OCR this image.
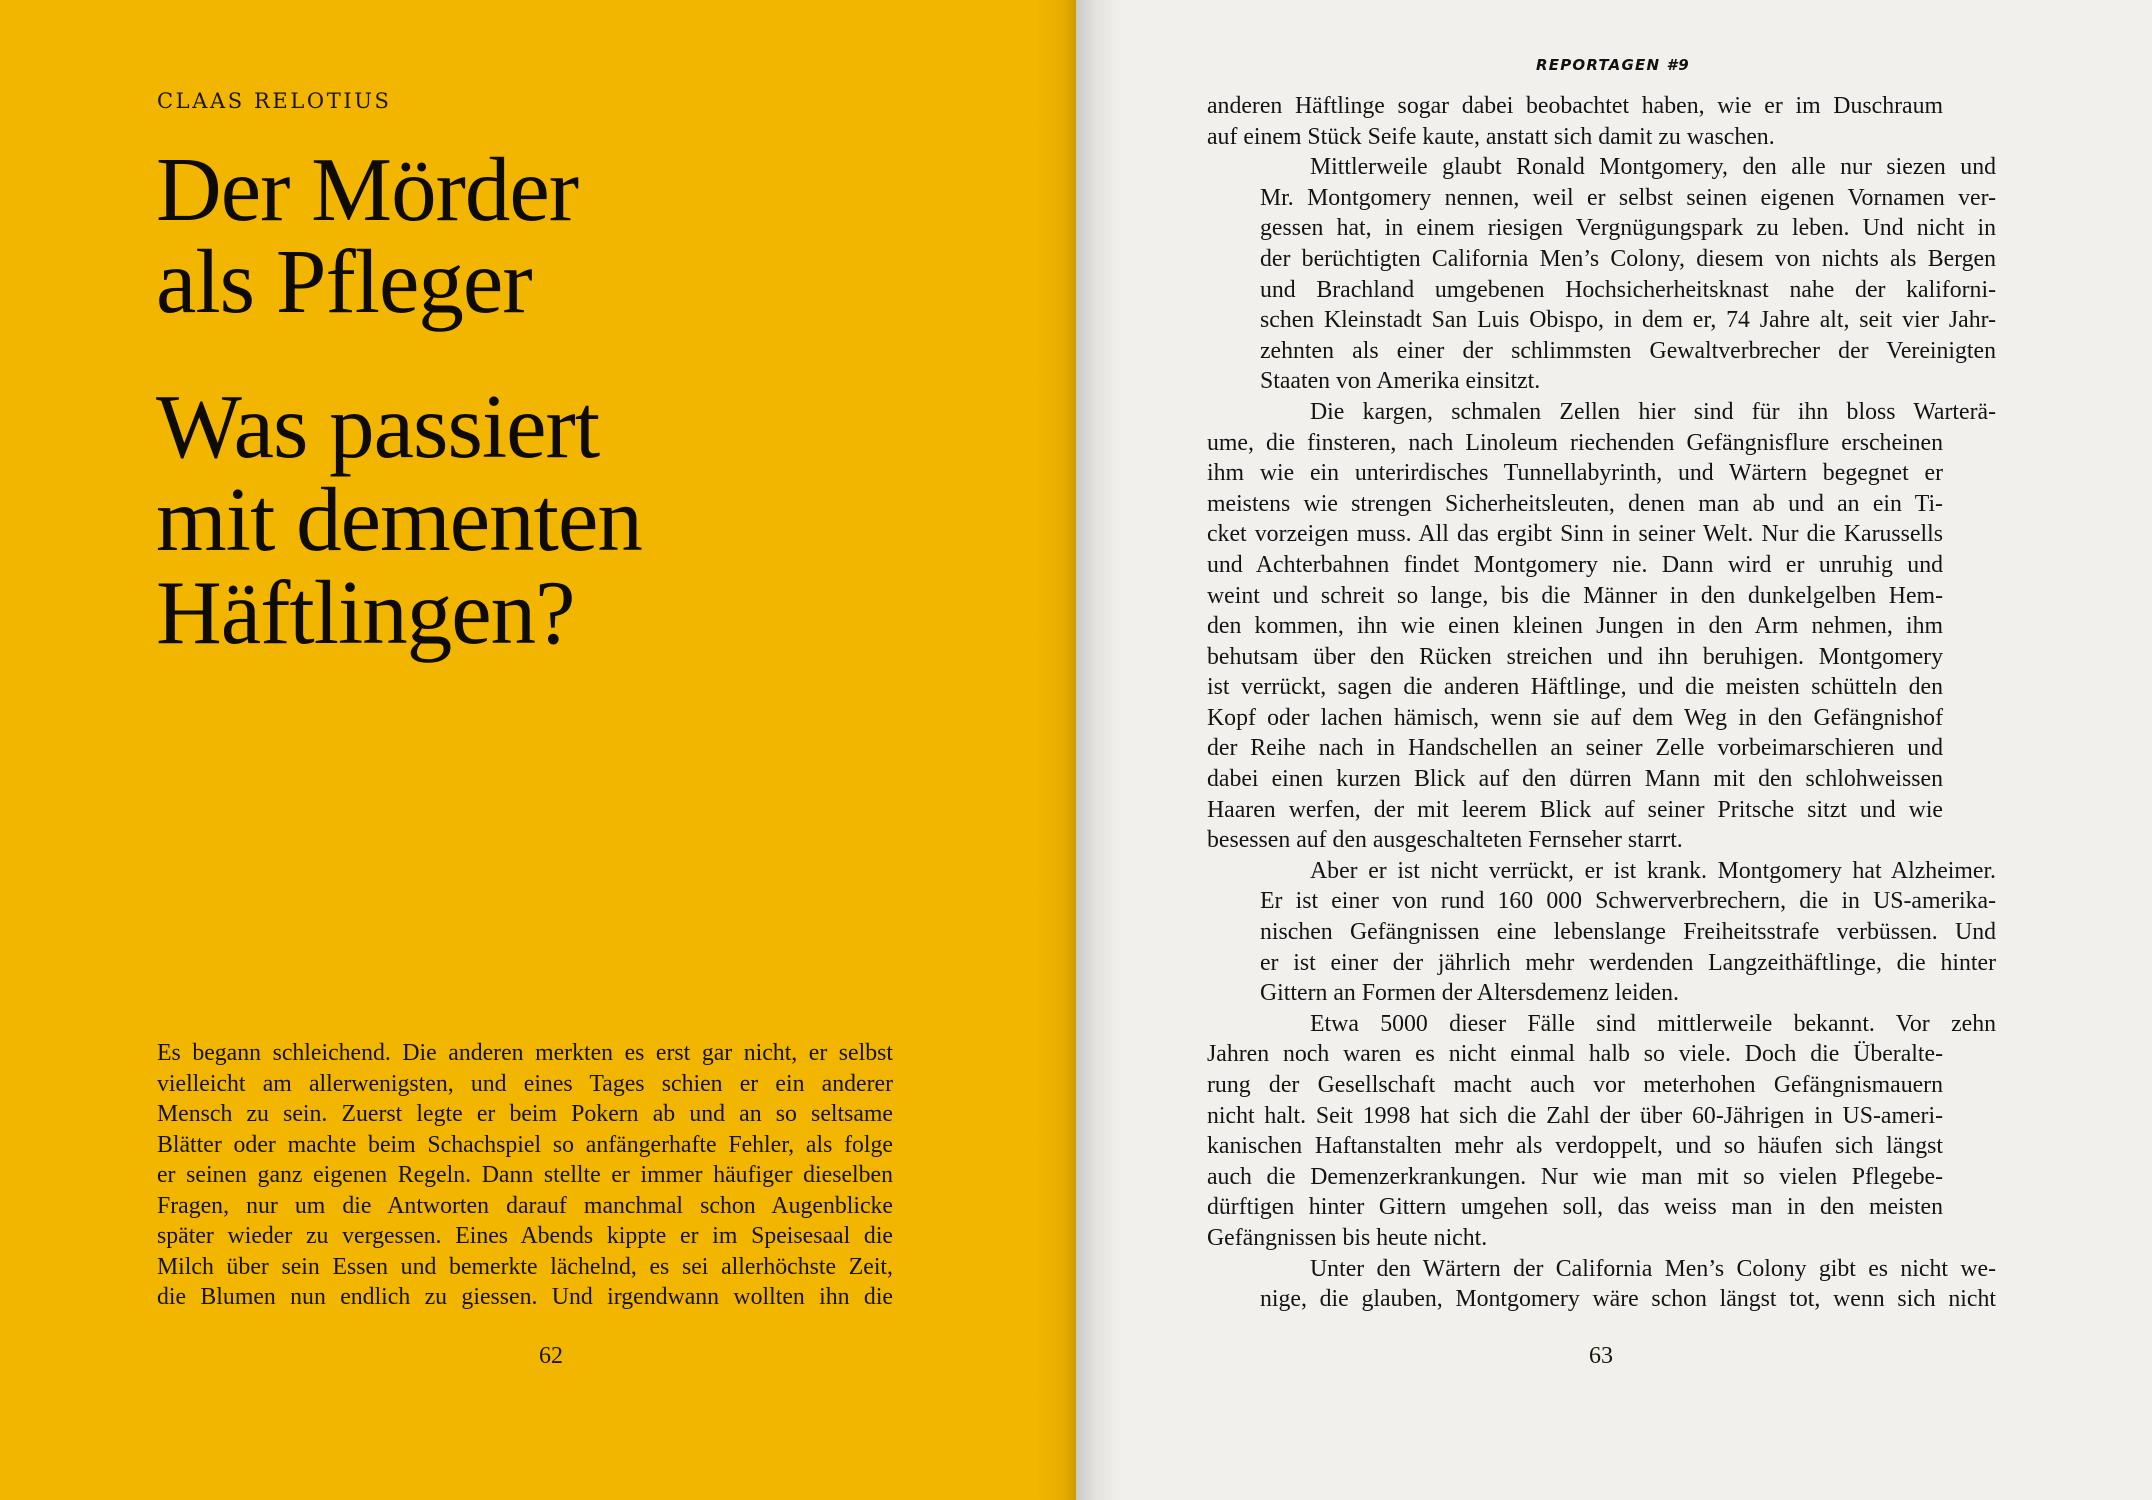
CLAAS RELOTIUS

Der Mörder
als Pfleger
Was passiert
mit dementen
Häftlingen?
Es begann schleichend. Die anderen merkten es erst gar nicht, er selbst
vielleicht am allerwenigsten, und eines Tages schien er ein anderer
Mensch zu sein. Zuerst legte er beim Pokern ab und an so seltsame
Blätter oder machte beim Schachspiel so anfängerhafte Fehler, als folge
er seinen ganz eigenen Regeln. Dann stellte er immer häufiger dieselben
Fragen, nur um die Antworten darauf manchmal schon Augenblicke
später wieder zu vergessen. Eines Abends kippte er im Speisesaal die
Milch über sein Essen und bemerkte lächelnd, es sei allerhöchste Zeit,
die Blumen nun endlich zu giessen. Und irgendwann wollten ihn die
62
REPORTAGEN #9
anderen Häftlinge sogar dabei beobachtet haben, wie er im Duschraum
auf einem Stück Seife kaute, anstatt sich damit zu waschen.
Mittlerweile glaubt Ronald Montgomery, den alle nur siezen und
Mr. Montgomery nennen, weil er selbst seinen eigenen Vornamen ver-
gessen hat, in einem riesigen Vergnügungspark zu leben. Und nicht in
der berüchtigten California Men’s Colony, diesem von nichts als Bergen
und Brachland umgebenen Hochsicherheitsknast nahe der kaliforni-
schen Kleinstadt San Luis Obispo, in dem er, 74 Jahre alt, seit vier Jahr-
zehnten als einer der schlimmsten Gewaltverbrecher der Vereinigten
Staaten von Amerika einsitzt.
Die kargen, schmalen Zellen hier sind für ihn bloss Warterä-
ume, die finsteren, nach Linoleum riechenden Gefängnisflure erscheinen
ihm wie ein unterirdisches Tunnellabyrinth, und Wärtern begegnet er
meistens wie strengen Sicherheitsleuten, denen man ab und an ein Ti-
cket vorzeigen muss. All das ergibt Sinn in seiner Welt. Nur die Karussells
und Achterbahnen findet Montgomery nie. Dann wird er unruhig und
weint und schreit so lange, bis die Männer in den dunkelgelben Hem-
den kommen, ihn wie einen kleinen Jungen in den Arm nehmen, ihm
behutsam über den Rücken streichen und ihn beruhigen. Montgomery
ist verrückt, sagen die anderen Häftlinge, und die meisten schütteln den
Kopf oder lachen hämisch, wenn sie auf dem Weg in den Gefängnishof
der Reihe nach in Handschellen an seiner Zelle vorbeimarschieren und
dabei einen kurzen Blick auf den dürren Mann mit den schlohweissen
Haaren werfen, der mit leerem Blick auf seiner Pritsche sitzt und wie
besessen auf den ausgeschalteten Fernseher starrt.
Aber er ist nicht verrückt, er ist krank. Montgomery hat Alzheimer.
Er ist einer von rund 160 000 Schwerverbrechern, die in US-amerika-
nischen Gefängnissen eine lebenslange Freiheitsstrafe verbüssen. Und
er ist einer der jährlich mehr werdenden Langzeithäftlinge, die hinter
Gittern an Formen der Altersdemenz leiden.
Etwa 5000 dieser Fälle sind mittlerweile bekannt. Vor zehn
Jahren noch waren es nicht einmal halb so viele. Doch die Überalte-
rung der Gesellschaft macht auch vor meterhohen Gefängnismauern
nicht halt. Seit 1998 hat sich die Zahl der über 60-Jährigen in US-ameri-
kanischen Haftanstalten mehr als verdoppelt, und so häufen sich längst
auch die Demenzerkrankungen. Nur wie man mit so vielen Pflegebe-
dürftigen hinter Gittern umgehen soll, das weiss man in den meisten
Gefängnissen bis heute nicht.
Unter den Wärtern der California Men’s Colony gibt es nicht we-
nige, die glauben, Montgomery wäre schon längst tot, wenn sich nicht
63
